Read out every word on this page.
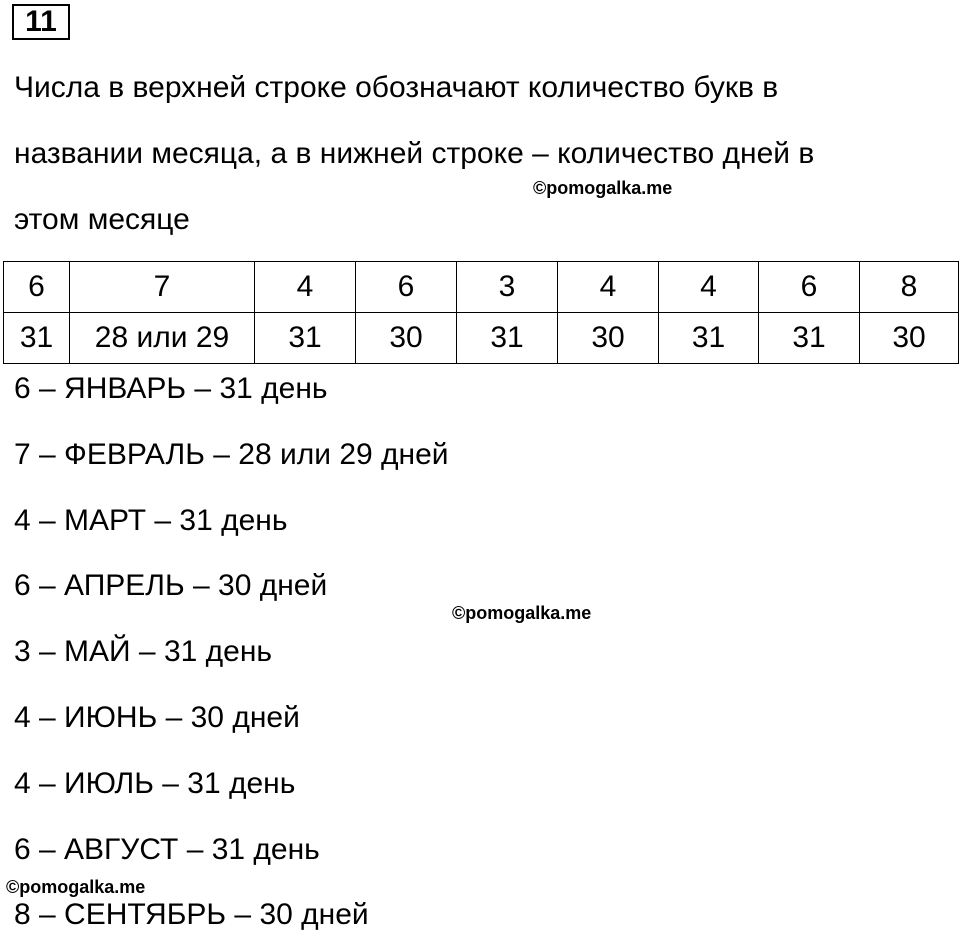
11
Числа в верхней строке обозначают количество букв в
названии месяца, а в нижней строке – количество дней в
этом месяце
©pomogalka.me
6	7	4	6	3	4	4	6	8
31	28 или 29	31	30	31	30	31	31	30
6 – ЯНВАРЬ – 31 день
7 – ФЕВРАЛЬ – 28 или 29 дней
4 – МАРТ – 31 день
6 – АПРЕЛЬ – 30 дней
3 – МАЙ – 31 день
4 – ИЮНЬ – 30 дней
4 – ИЮЛЬ – 31 день
6 – АВГУСТ – 31 день
8 – СЕНТЯБРЬ – 30 дней
©pomogalka.me
©pomogalka.me
